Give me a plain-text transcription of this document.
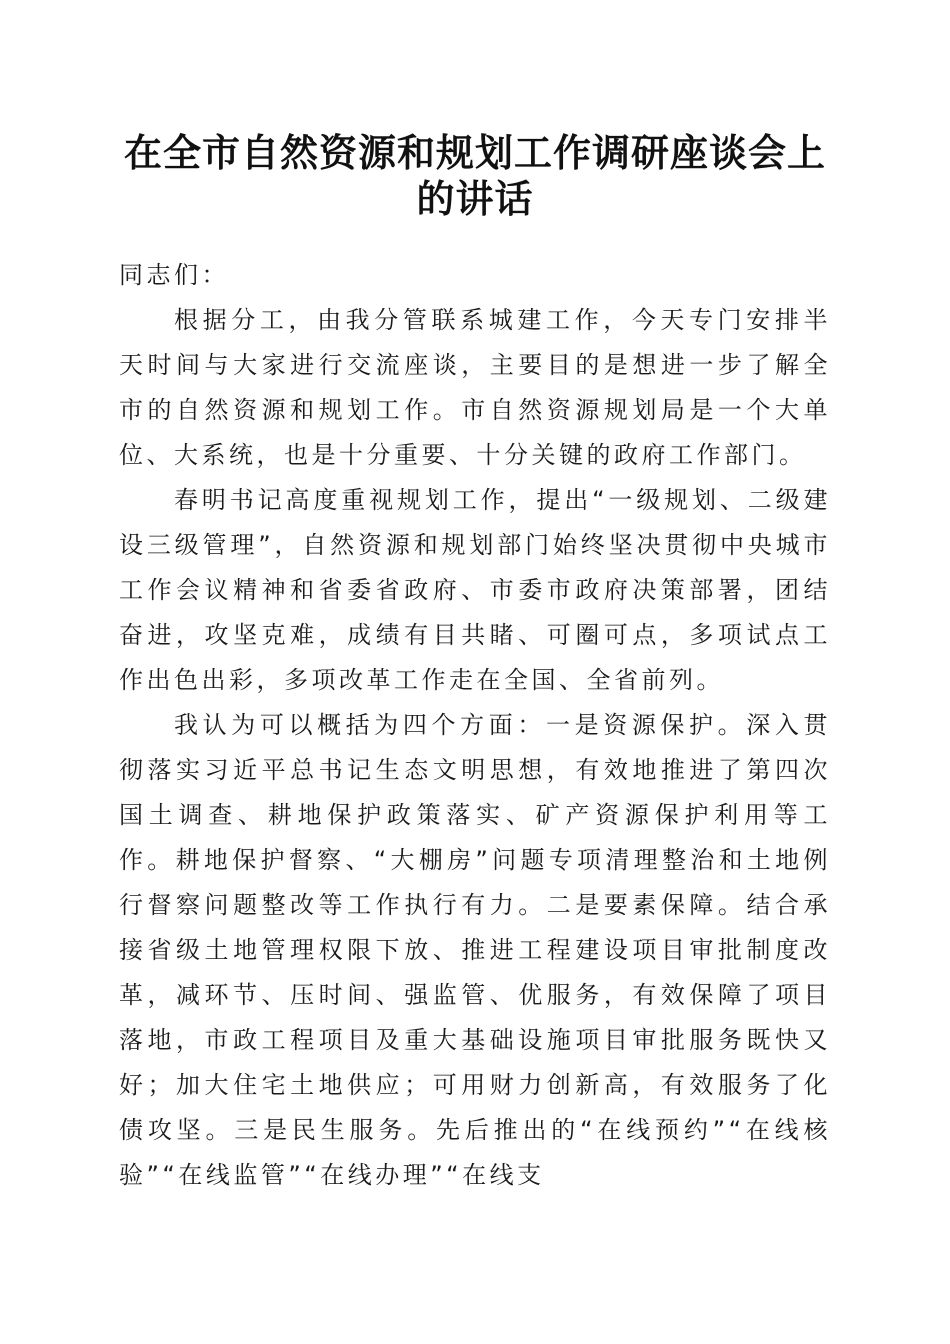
在全市自然资源和规划工作调研座谈会上的讲话

同志们：

根据分工，由我分管联系城建工作，今天专门安排半天时间与大家进行交流座谈，主要目的是想进一步了解全市的自然资源和规划工作。市自然资源规划局是一个大单位、大系统，也是十分重要、十分关键的政府工作部门。

春明书记高度重视规划工作，提出“一级规划、二级建设三级管理”，自然资源和规划部门始终坚决贯彻中央城市工作会议精神和省委省政府、市委市政府决策部署，团结奋进，攻坚克难，成绩有目共睹、可圈可点，多项试点工作出色出彩，多项改革工作走在全国、全省前列。

我认为可以概括为四个方面：一是资源保护。深入贯彻落实习近平总书记生态文明思想，有效地推进了第四次国土调查、耕地保护政策落实、矿产资源保护利用等工作。耕地保护督察、“大棚房”问题专项清理整治和土地例行督察问题整改等工作执行有力。二是要素保障。结合承接省级土地管理权限下放、推进工程建设项目审批制度改革，减环节、压时间、强监管、优服务，有效保障了项目落地，市政工程项目及重大基础设施项目审批服务既快又好；加大住宅土地供应；可用财力创新高，有效服务了化债攻坚。三是民生服务。先后推出的“在线预约”“在线核验”“在线监管”“在线办理”“在线支
